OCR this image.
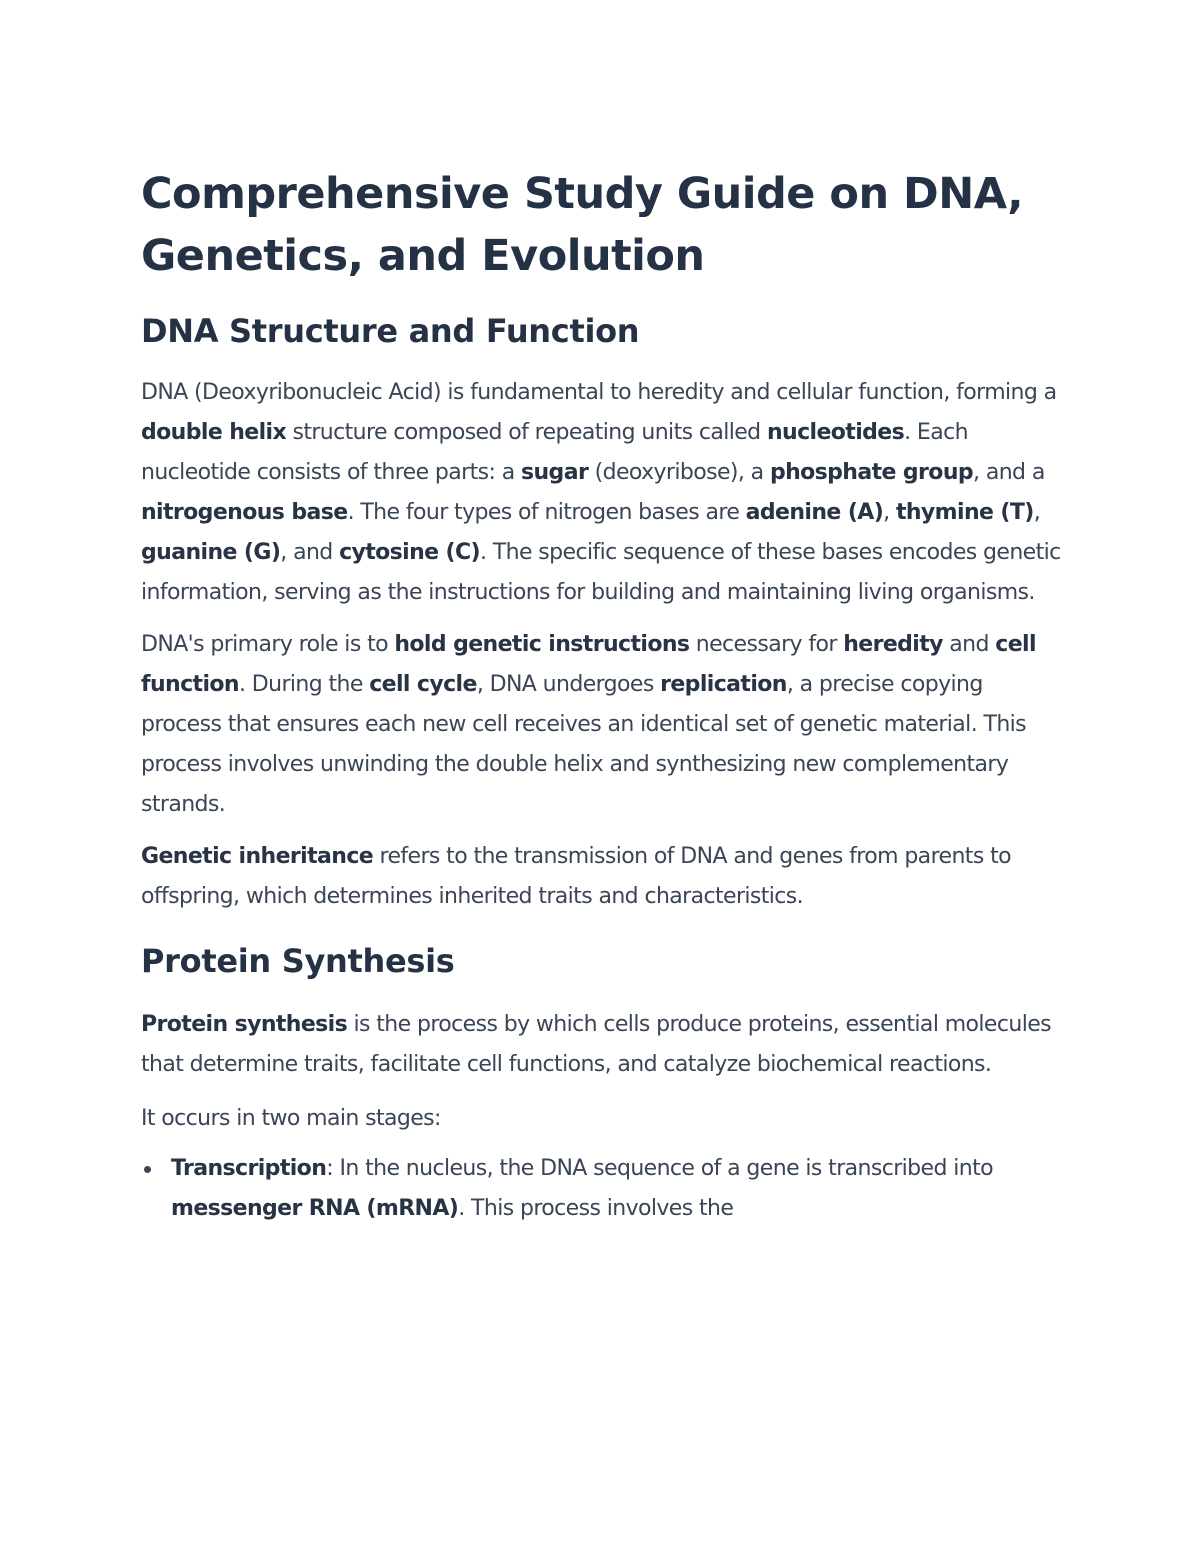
Comprehensive Study Guide on DNA, Genetics, and Evolution
DNA Structure and Function

DNA (Deoxyribonucleic Acid) is fundamental to heredity and cellular function, forming a double helix structure composed of repeating units called nucleotides. Each nucleotide consists of three parts: a sugar (deoxyribose), a phosphate group, and a nitrogenous base. The four types of nitrogen bases are adenine (A), thymine (T), guanine (G), and cytosine (C). The specific sequence of these bases encodes genetic information, serving as the instructions for building and maintaining living organisms.

DNA's primary role is to hold genetic instructions necessary for heredity and cell function. During the cell cycle, DNA undergoes replication, a precise copying process that ensures each new cell receives an identical set of genetic material. This process involves unwinding the double helix and synthesizing new complementary strands.

Genetic inheritance refers to the transmission of DNA and genes from parents to offspring, which determines inherited traits and characteristics.

Protein Synthesis

Protein synthesis is the process by which cells produce proteins, essential molecules that determine traits, facilitate cell functions, and catalyze biochemical reactions.

It occurs in two main stages:

Transcription: In the nucleus, the DNA sequence of a gene is transcribed into messenger RNA (mRNA). This process involves the
